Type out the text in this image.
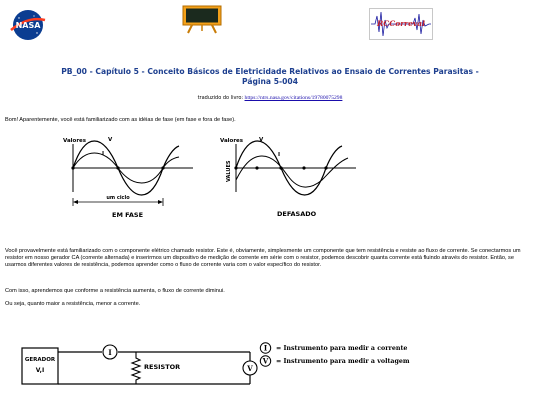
NASA	RCCorreval
PB_00 - Capítulo 5 - Conceito Básicos de Eletricidade Relativos ao Ensaio de Correntes Parasitas -
Página 5-004
traduzido do livro: https://ntrs.nasa.gov/citations/19780075298
Bom! Aparentemente, você está familiarizado com as idéias de fase (em fase e fora de fase).
Valores	V
I
um ciclo
EM FASE
Valores
VALUES
V
I
DEFASADO
Você provavelmente está familiarizado com o componente elétrico chamado resistor. Este é, obviamente, simplesmente um componente que tem resistência e resiste ao fluxo de corrente. Se conectarmos um resistor em nosso gerador CA (corrente alternada) e inserirmos um dispositivo de medição de corrente em série com o resistor, podemos descobrir quanta corrente está fluindo através do resistor. Então, se usarmos diferentes valores de resistência, podemos aprender como o fluxo de corrente varia com o valor específico do resistor.
Com isso, aprendemos que conforme a resistência aumenta, o fluxo de corrente diminui.
Ou seja, quanto maior a resistência, menor a corrente.
GERADOR
V,I
I
RESISTOR	V
I = Instrumento para medir a corrente
V = Instrumento para medir a voltagem
